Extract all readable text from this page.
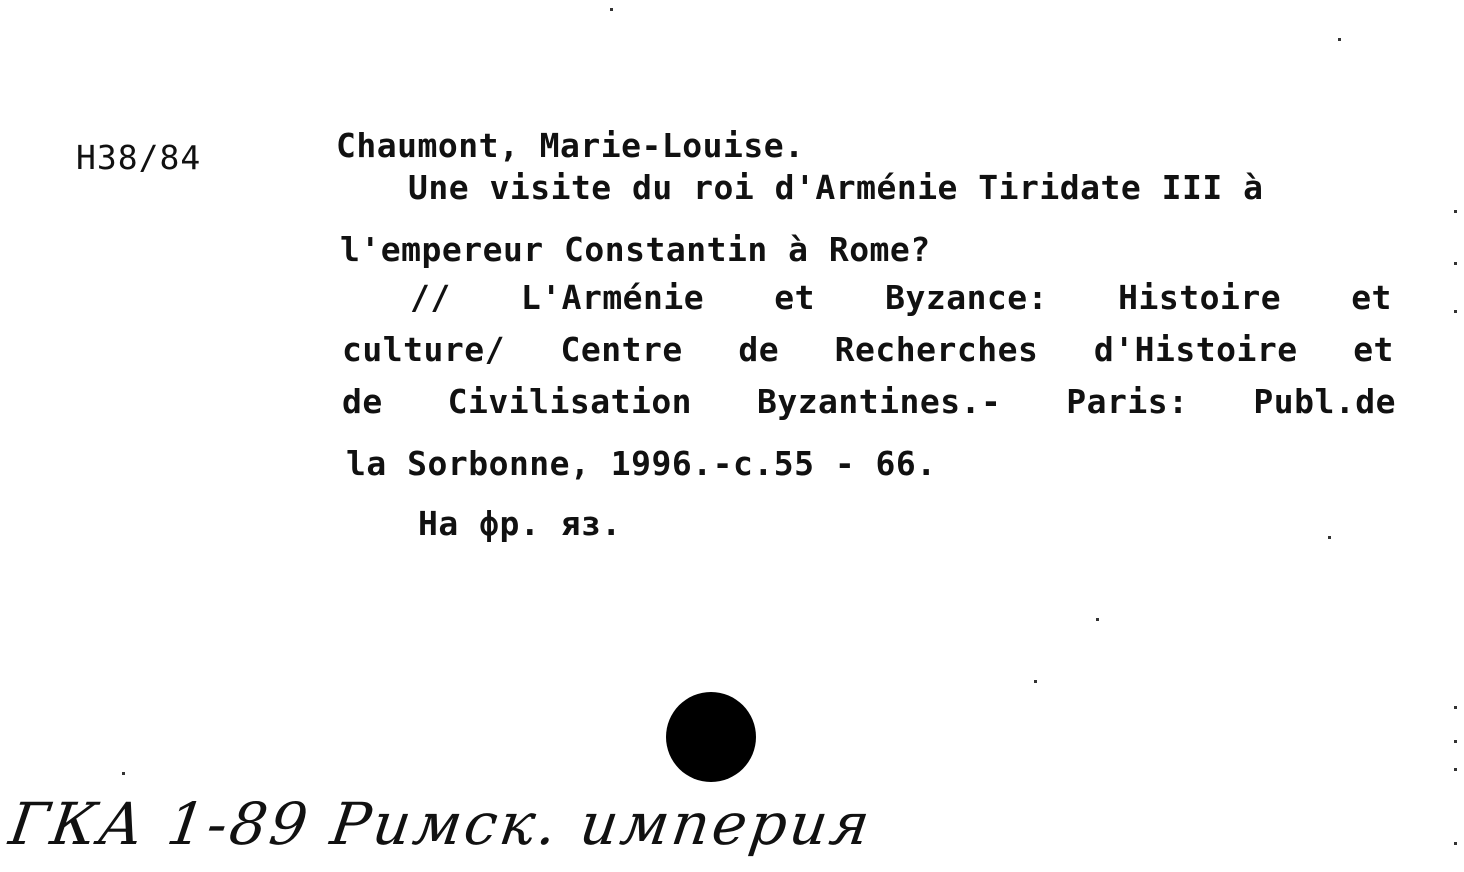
H38/84	Chaumont, Marie-Louise.
Une visite du roi d'Arménie Tiridate III à
l'empereur Constantin à Rome?
// L'Arménie et Byzance: Histoire et
culture/ Centre de Recherches d'Histoire et
de Civilisation Byzantines.- Paris: Publ.de
la Sorbonne, 1996.-c.55 - 66.
На фр. яз.
ГКА 1-89 Римск. империя
